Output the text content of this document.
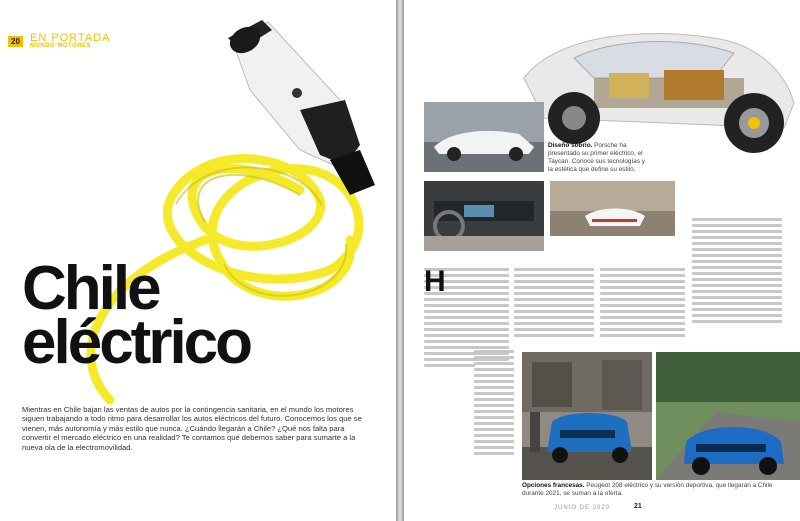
20 EN PORTADA
MUNDO MOTORES
Chile
eléctrico
Mientras en Chile bajan las ventas de autos por la contingencia sanitaria, en el mundo los motores siguen trabajando a todo ritmo para desarrollar los autos eléctricos del futuro. Conocemos los que se vienen, más autonomía y más estilo que nunca. ¿Cuándo llegarán a Chile? ¿Qué nos falta para convertir el mercado eléctrico en una realidad? Te contamos qué debemos saber para sumarte a la nueva ola de la electromovilidad.
Diseño sobrio. Porsche ha presentado su primer eléctrico, el Taycan. Conoce sus tecnologías y la estética que define su estilo.
H
Opciones francesas. Peugeot 208 eléctrico y su versión deportiva, que llegarán a Chile durante 2021, se suman a la oferta.
JUNIO DE 2020	21
